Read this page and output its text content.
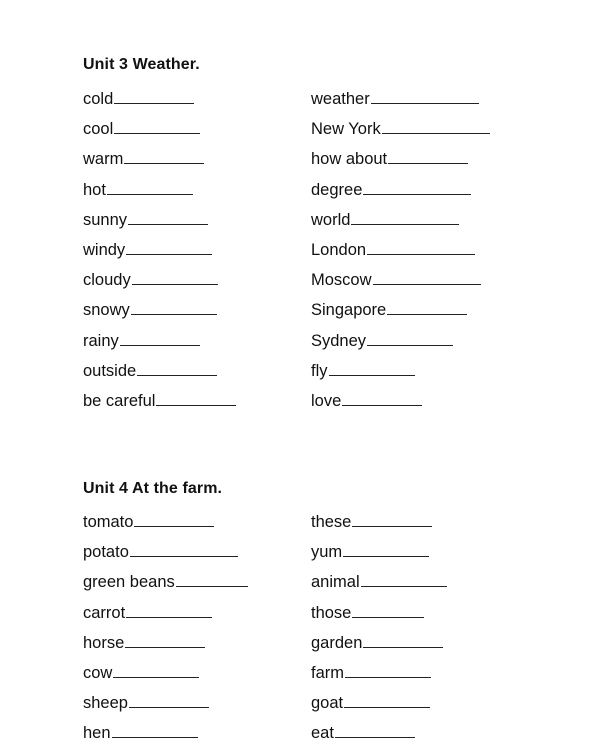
Unit 3 Weather.
cold
cool
warm
hot
sunny
windy
cloudy
snowy
rainy
outside
be careful
weather
New York
how about
degree
world
London
Moscow
Singapore
Sydney
fly
love
Unit 4 At the farm.
tomato
potato
green beans
carrot
horse
cow
sheep
hen
these
yum
animal
those
garden
farm
goat
eat
